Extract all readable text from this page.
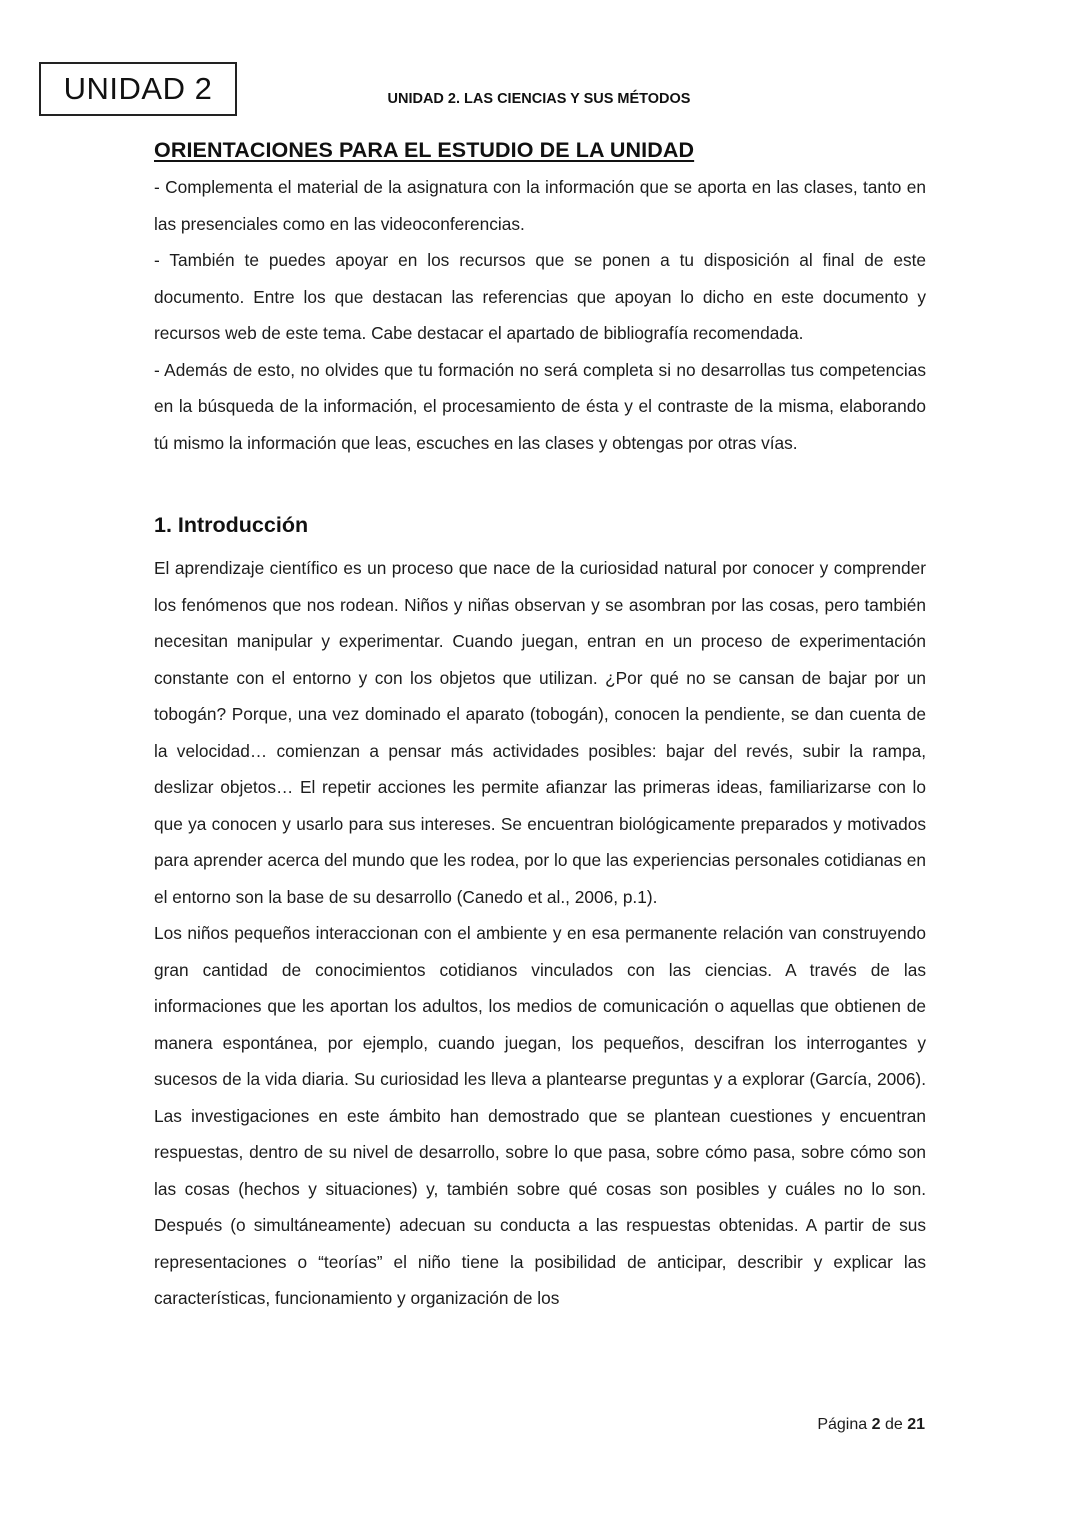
UNIDAD 2	UNIDAD 2. LAS CIENCIAS Y SUS MÉTODOS
ORIENTACIONES PARA EL ESTUDIO DE LA UNIDAD

- Complementa el material de la asignatura con la información que se aporta en las clases, tanto en las presenciales como en las videoconferencias.

- También te puedes apoyar en los recursos que se ponen a tu disposición al final de este documento. Entre los que destacan las referencias que apoyan lo dicho en este documento y recursos web de este tema. Cabe destacar el apartado de bibliografía recomendada.

- Además de esto, no olvides que tu formación no será completa si no desarrollas tus competencias en la búsqueda de la información, el procesamiento de ésta y el contraste de la misma, elaborando tú mismo la información que leas, escuches en las clases y obtengas por otras vías.

1. Introducción

El aprendizaje científico es un proceso que nace de la curiosidad natural por conocer y comprender los fenómenos que nos rodean. Niños y niñas observan y se asombran por las cosas, pero también necesitan manipular y experimentar. Cuando juegan, entran en un proceso de experimentación constante con el entorno y con los objetos que utilizan. ¿Por qué no se cansan de bajar por un tobogán? Porque, una vez dominado el aparato (tobogán), conocen la pendiente, se dan cuenta de la velocidad… comienzan a pensar más actividades posibles: bajar del revés, subir la rampa, deslizar objetos… El repetir acciones les permite afianzar las primeras ideas, familiarizarse con lo que ya conocen y usarlo para sus intereses. Se encuentran biológicamente preparados y motivados para aprender acerca del mundo que les rodea, por lo que las experiencias personales cotidianas en el entorno son la base de su desarrollo (Canedo et al., 2006, p.1).

Los niños pequeños interaccionan con el ambiente y en esa permanente relación van construyendo gran cantidad de conocimientos cotidianos vinculados con las ciencias. A través de las informaciones que les aportan los adultos, los medios de comunicación o aquellas que obtienen de manera espontánea, por ejemplo, cuando juegan, los pequeños, descifran los interrogantes y sucesos de la vida diaria. Su curiosidad les lleva a plantearse preguntas y a explorar (García, 2006). Las investigaciones en este ámbito han demostrado que se plantean cuestiones y encuentran respuestas, dentro de su nivel de desarrollo, sobre lo que pasa, sobre cómo pasa, sobre cómo son las cosas (hechos y situaciones) y, también sobre qué cosas son posibles y cuáles no lo son. Después (o simultáneamente) adecuan su conducta a las respuestas obtenidas. A partir de sus representaciones o “teorías” el niño tiene la posibilidad de anticipar, describir y explicar las características, funcionamiento y organización de los

Página 2 de 21
